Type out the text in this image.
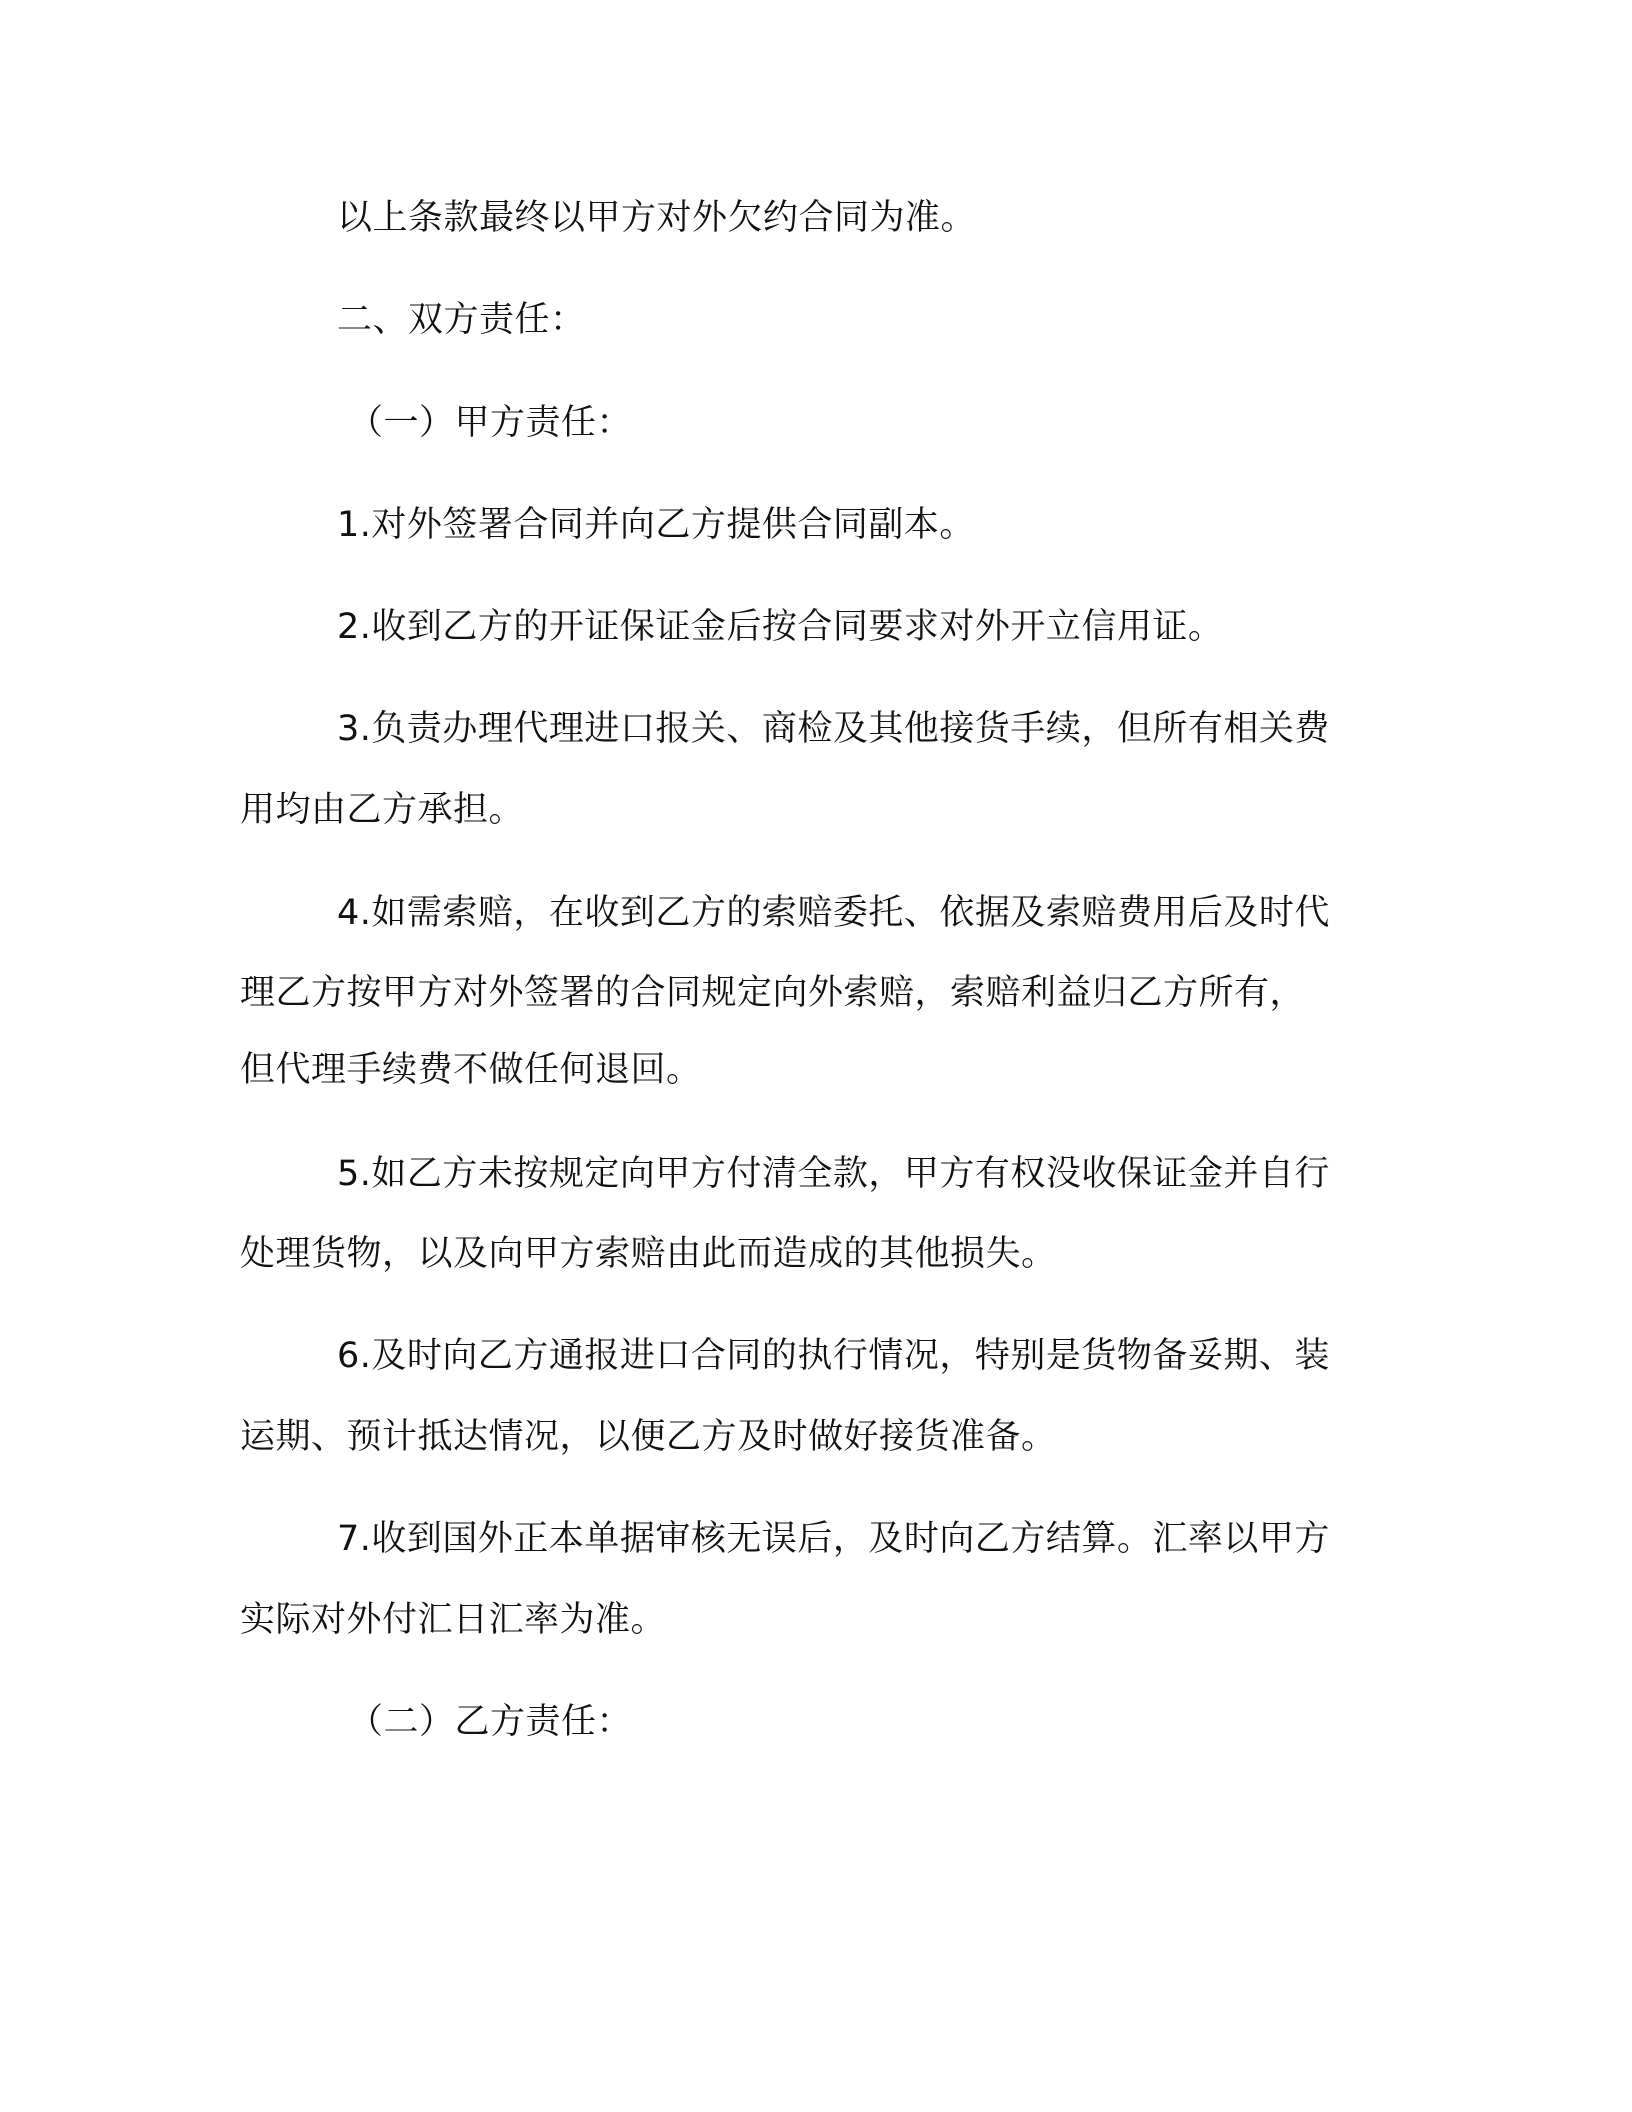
以上条款最终以甲方对外欠约合同为准。
二、双方责任：
（一）甲方责任：
1.对外签署合同并向乙方提供合同副本。
2.收到乙方的开证保证金后按合同要求对外开立信用证。
3.负责办理代理进口报关、商检及其他接货手续，但所有相关费
用均由乙方承担。
4.如需索赔，在收到乙方的索赔委托、依据及索赔费用后及时代
理乙方按甲方对外签署的合同规定向外索赔，索赔利益归乙方所有，
但代理手续费不做任何退回。
5.如乙方未按规定向甲方付清全款，甲方有权没收保证金并自行
处理货物，以及向甲方索赔由此而造成的其他损失。
6.及时向乙方通报进口合同的执行情况，特别是货物备妥期、装
运期、预计抵达情况，以便乙方及时做好接货准备。
7.收到国外正本单据审核无误后，及时向乙方结算。汇率以甲方
实际对外付汇日汇率为准。
（二）乙方责任：
